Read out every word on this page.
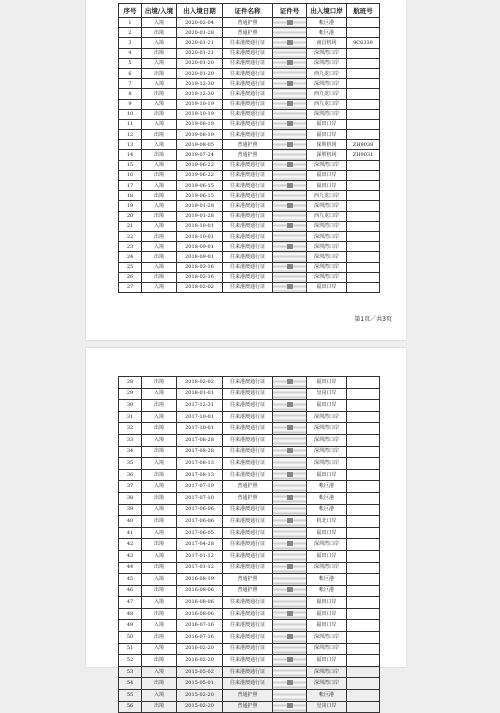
序号	出境/入境	出入境日期	证件名称	证件号	出入境口岸	航班号
1	入境	2020-02-04	普通护照		帐巨港	
2	出境	2020-01-28	普通护照		帐巨港	
3	入境	2020-01-21	往来港澳通行证		南昌机场	9C6339
4	出境	2020-01-21	往来港澳通行证		深圳湾口岸	
5	入境	2020-01-20	往来港澳通行证		深圳湾口岸	
6	出境	2020-01-20	往来港澳通行证		西九龙口岸	
7	入境	2019-12-30	往来港澳通行证		深圳湾口岸	
8	出境	2019-12-30	往来港澳通行证		西九龙口岸	
9	入境	2019-10-19	往来港澳通行证		西九龙口岸	
10	出境	2019-10-19	往来港澳通行证		深圳湾口岸	
11	入境	2019-08-19	往来港澳通行证		福田口岸	
12	出境	2019-08-19	往来港澳通行证		福田口岸	
13	入境	2019-08-05	普通护照		深圳机场	ZH9038
14	出境	2019-07-24	普通护照		深圳机场	ZH9031
15	入境	2019-06-22	往来港澳通行证		深圳湾口岸	
16	出境	2019-06-22	往来港澳通行证		福田口岸	
17	入境	2019-06-15	往来港澳通行证		福田口岸	
18	出境	2019-06-15	往来港澳通行证		西九龙口岸	
19	入境	2019-01-28	往来港澳通行证		深圳湾口岸	
20	出境	2019-01-28	往来港澳通行证		西九龙口岸	
21	入境	2018-10-01	往来港澳通行证		深圳湾口岸	
22	出境	2018-10-01	往来港澳通行证		深圳湾口岸	
23	入境	2018-09-01	往来港澳通行证		深圳湾口岸	
24	出境	2018-09-01	往来港澳通行证		深圳湾口岸	
25	入境	2018-03-16	往来港澳通行证		深圳湾口岸	
26	出境	2018-03-16	往来港澳通行证		深圳湾口岸	
27	入境	2018-02-02	往来港澳通行证		福田口岸	
第1页／共3页
28	出境	2018-02-02	往来港澳通行证		福田口岸	
29	入境	2018-01-01	往来港澳通行证		皇岗口岸	
30	出境	2017-12-31	往来港澳通行证		福田口岸	
31	入境	2017-10-01	往来港澳通行证		深圳湾口岸	
32	出境	2017-10-01	往来港澳通行证		深圳湾口岸	
33	入境	2017-08-28	往来港澳通行证		深圳湾口岸	
34	出境	2017-08-28	往来港澳通行证		深圳湾口岸	
35	入境	2017-08-13	往来港澳通行证		深圳湾口岸	
36	出境	2017-08-13	往来港澳通行证		福田口岸	
37	入境	2017-07-19	普通护照		帐巨港	
38	出境	2017-07-10	普通护照		帐巨港	
39	入境	2017-06-06	往来港澳通行证		帐巨港	
40	出境	2017-06-06	往来港澳通行证		机北口岸	
41	入境	2017-06-05	往来港澳通行证		福田口岸	
42	出境	2017-04-28	往来港澳通行证		深圳湾口岸	
43	入境	2017-01-12	往来港澳通行证		福田口岸	
44	出境	2017-01-12	往来港澳通行证		深圳湾口岸	
45	入境	2016-08-19	普通护照		帐巨港	
46	出境	2016-08-06	普通护照		帐巨港	
47	入境	2016-08-06	往来港澳通行证		福田口岸	
48	出境	2016-08-06	往来港澳通行证		福田口岸	
49	入境	2016-07-16	往来港澳通行证		福田口岸	
50	出境	2016-07-16	往来港澳通行证		深圳湾口岸	
51	入境	2016-02-20	往来港澳通行证		深圳湾口岸	
52	出境	2016-02-20	往来港澳通行证		福田口岸	
53	入境	2015-05-02	往来港澳通行证		深圳湾口岸	
54	出境	2015-05-01	往来港澳通行证		深圳湾口岸	
55	入境	2015-02-20	普通护照		帐巨港	
56	出境	2015-02-20	普通护照		皇岗口岸	
